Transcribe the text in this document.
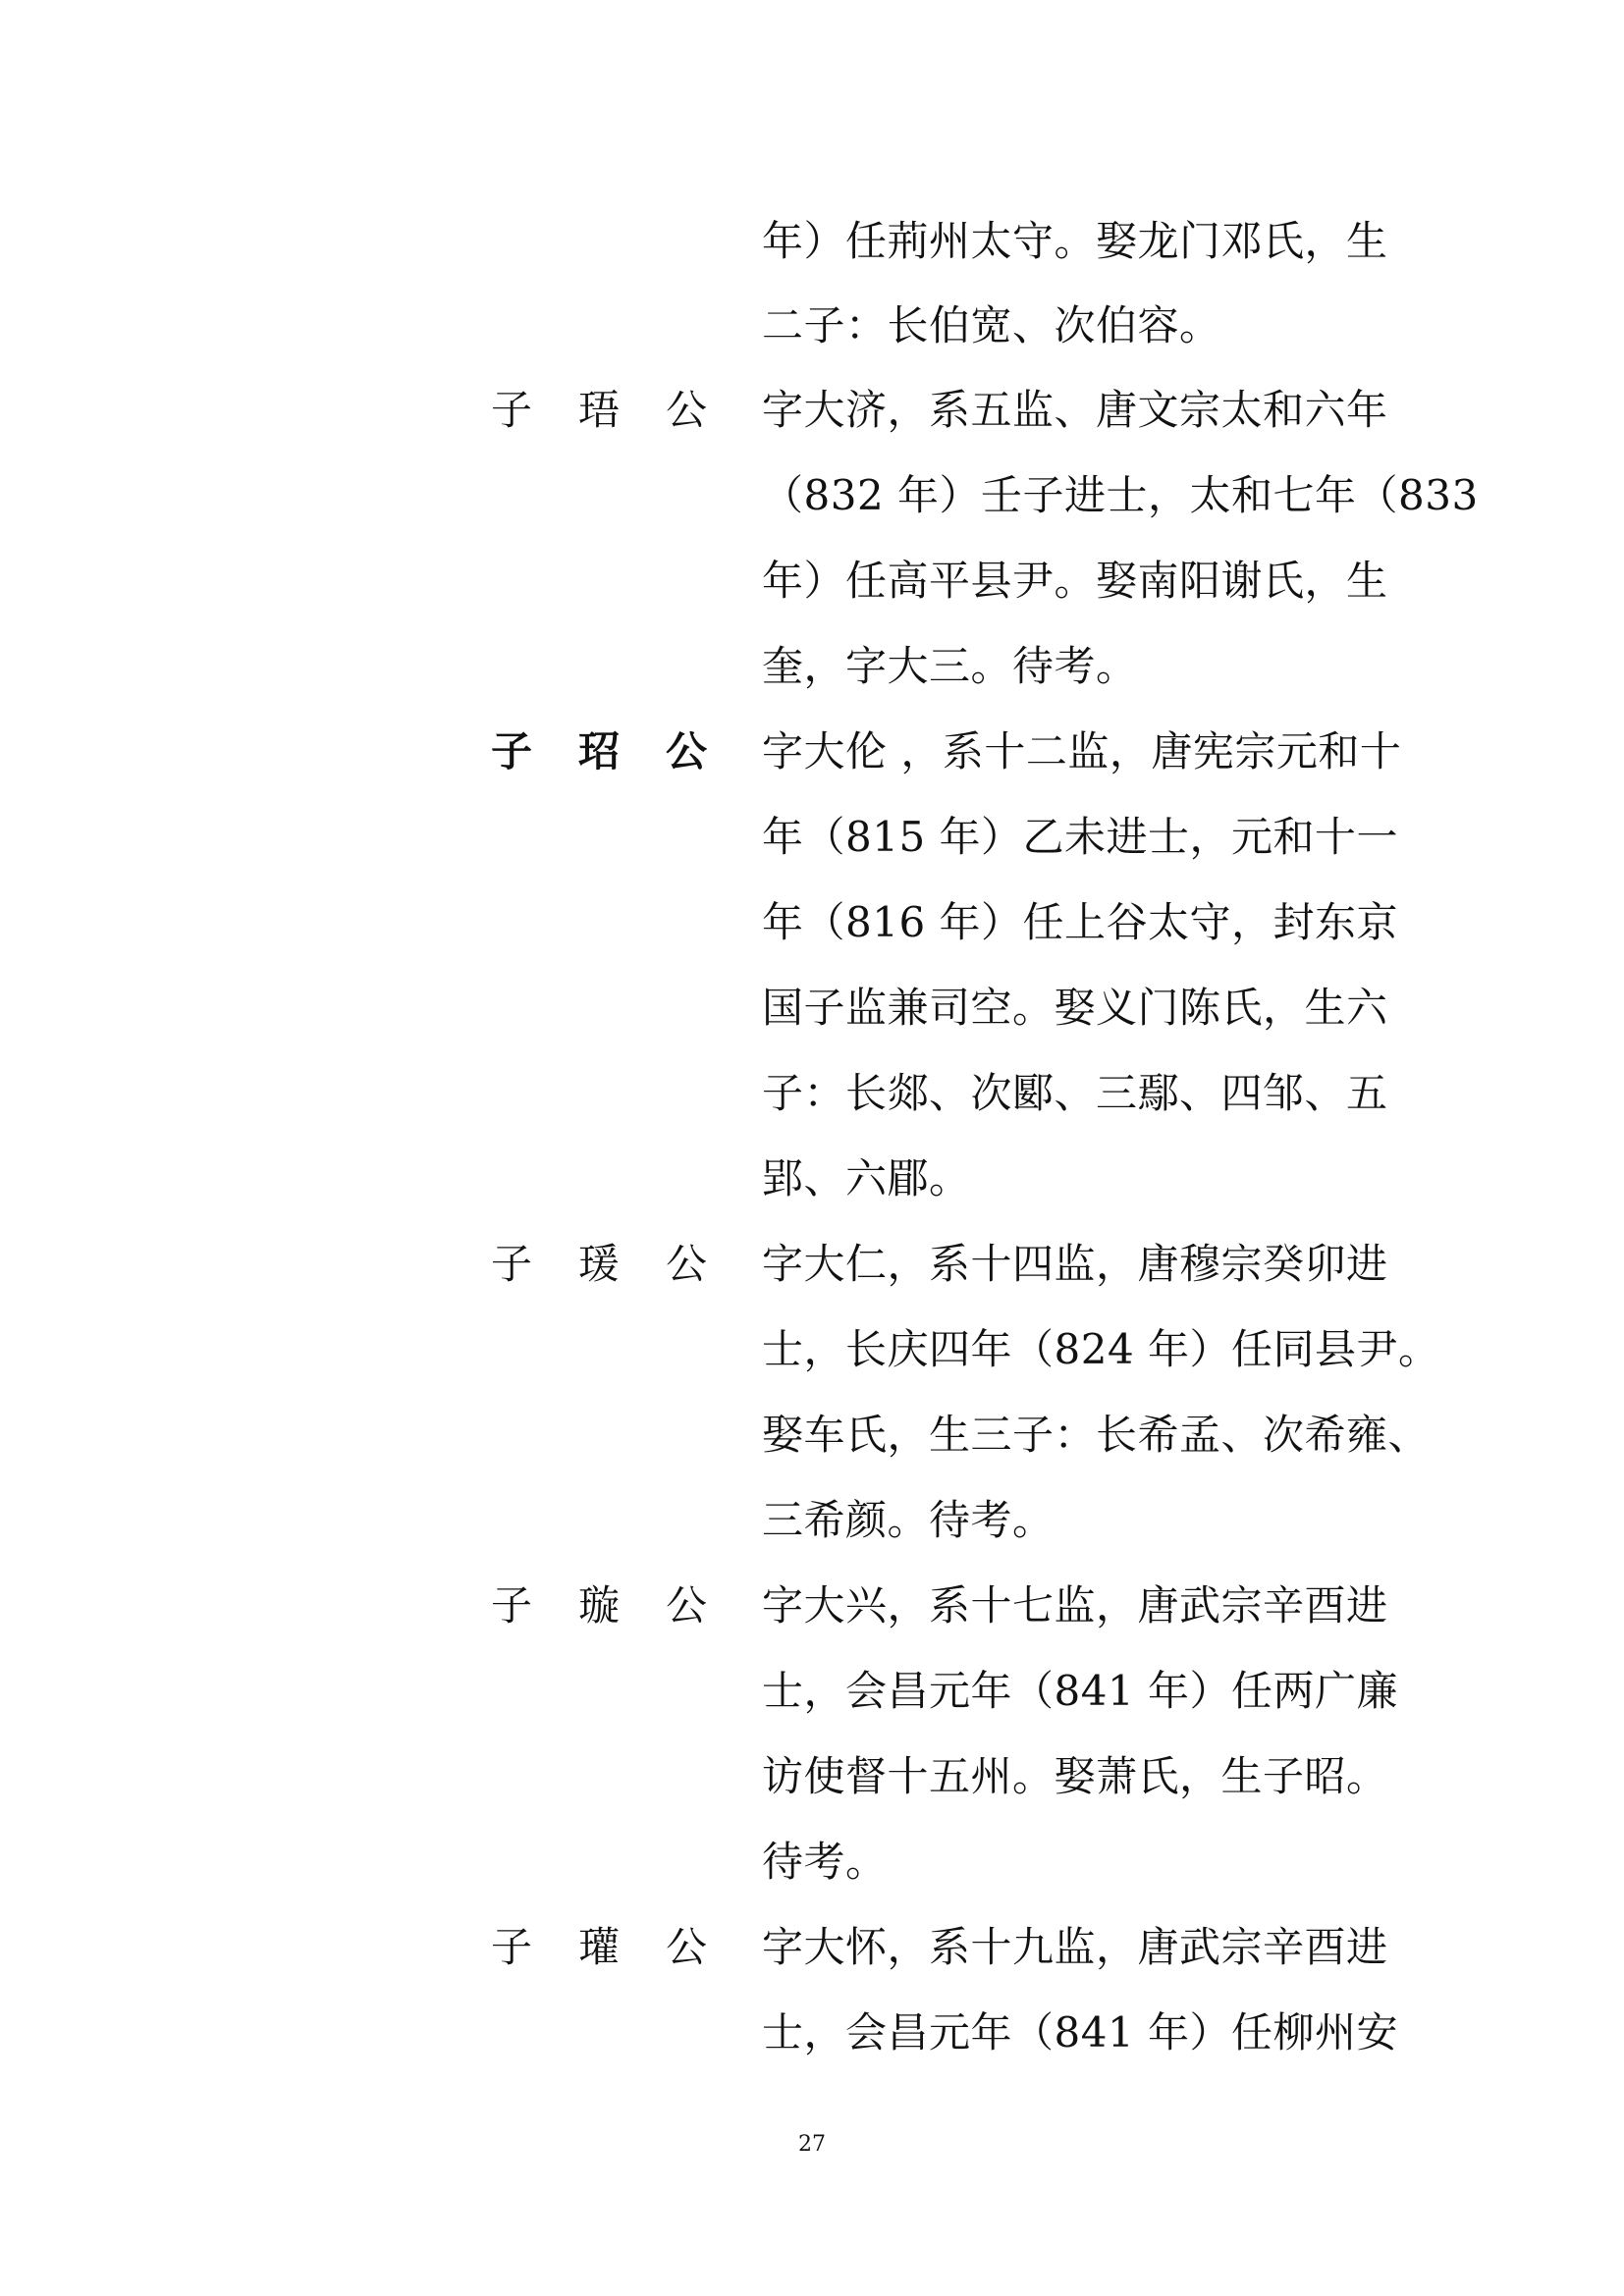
年）任荊州太守。娶龙门邓氏，生
二子：长伯宽、次伯容。
子 珸 公 字大济，系五监、唐文宗太和六年
（832 年）壬子进士，太和七年（833
年）任高平县尹。娶南阳谢氏，生
奎，字大三。待考。
子 玿 公 字大伦 ，系十二监，唐宪宗元和十
年（815 年）乙未进士，元和十一
年（816 年）任上谷太守，封东京
国子监兼司空。娶义门陈氏，生六
子：长郯、次郾、三鄢、四邹、五
郢、六郿。
子 瑗 公 字大仁，系十四监，唐穆宗癸卯进
士，长庆四年（824 年）任同县尹。
娶车氏，生三子：长希孟、次希雍、
三希颜。待考。
子 璇 公 字大兴，系十七监，唐武宗辛酉进
士，会昌元年（841 年）任两广廉
访使督十五州。娶萧氏，生子昭。
待考。
子 瓘 公 字大怀，系十九监，唐武宗辛酉进
士，会昌元年（841 年）任柳州安
27
